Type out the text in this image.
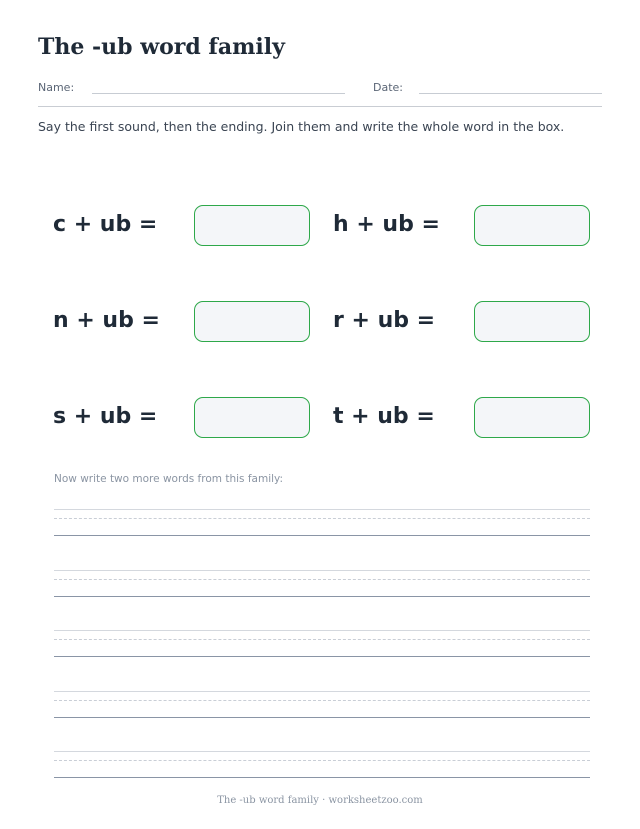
The -ub word family
Name:	Date:
Say the first sound, then the ending. Join them and write the whole word in the box.
c + ub =	h + ub =
n + ub =	r + ub =
s + ub =	t + ub =
Now write two more words from this family:
The -ub word family · worksheetzoo.com
